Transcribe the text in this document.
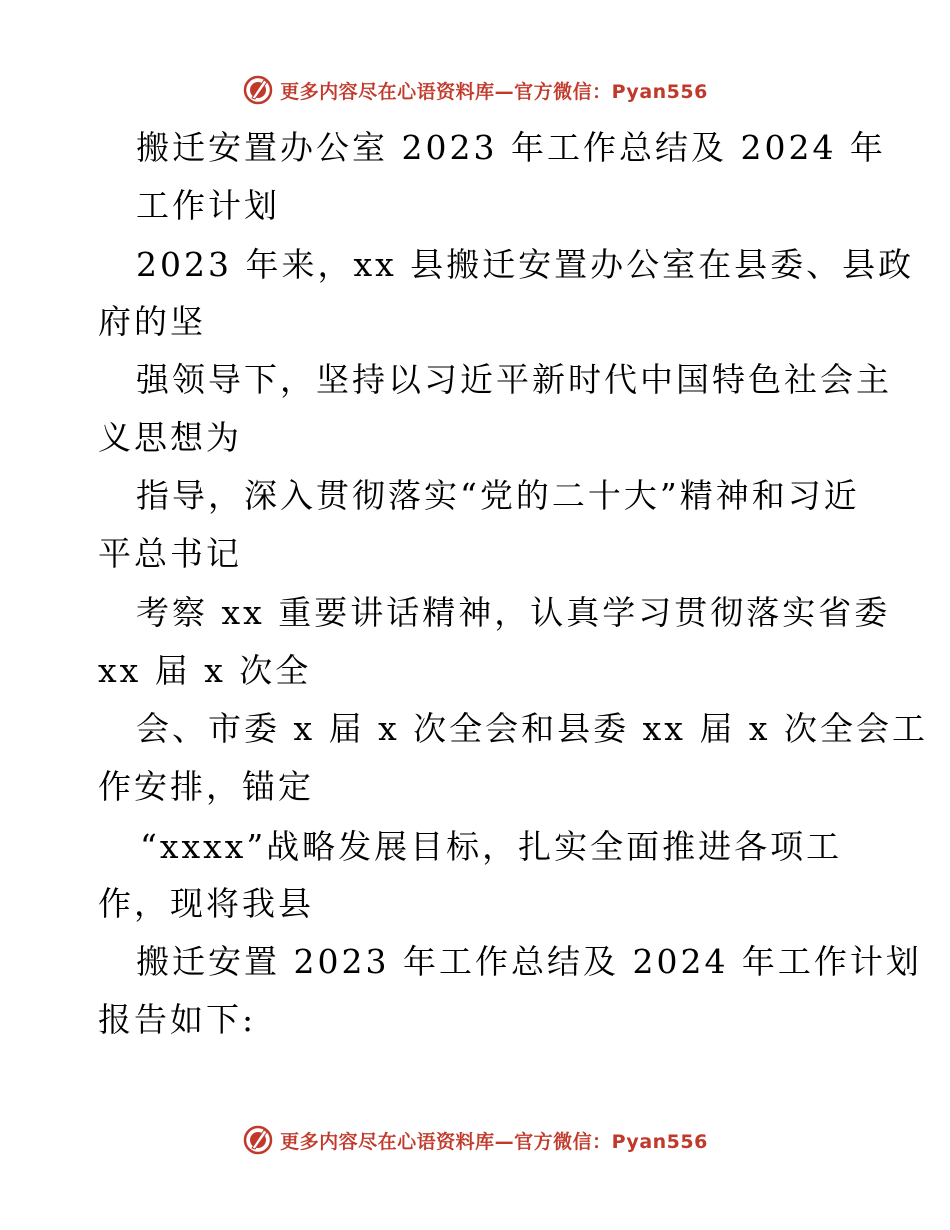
更多内容尽在心语资料库—官方微信：Pyan556
搬迁安置办公室 2023 年工作总结及 2024 年
工作计划
2023 年来，xx 县搬迁安置办公室在县委、县政
府的坚
强领导下，坚持以习近平新时代中国特色社会主
义思想为
指导，深入贯彻落实“党的二十大”精神和习近
平总书记
考察 xx 重要讲话精神，认真学习贯彻落实省委
xx 届 x 次全
会、市委 x 届 x 次全会和县委 xx 届 x 次全会工
作安排，锚定
“xxxx”战略发展目标，扎实全面推进各项工
作，现将我县
搬迁安置 2023 年工作总结及 2024 年工作计划
报告如下:
更多内容尽在心语资料库—官方微信：Pyan556
